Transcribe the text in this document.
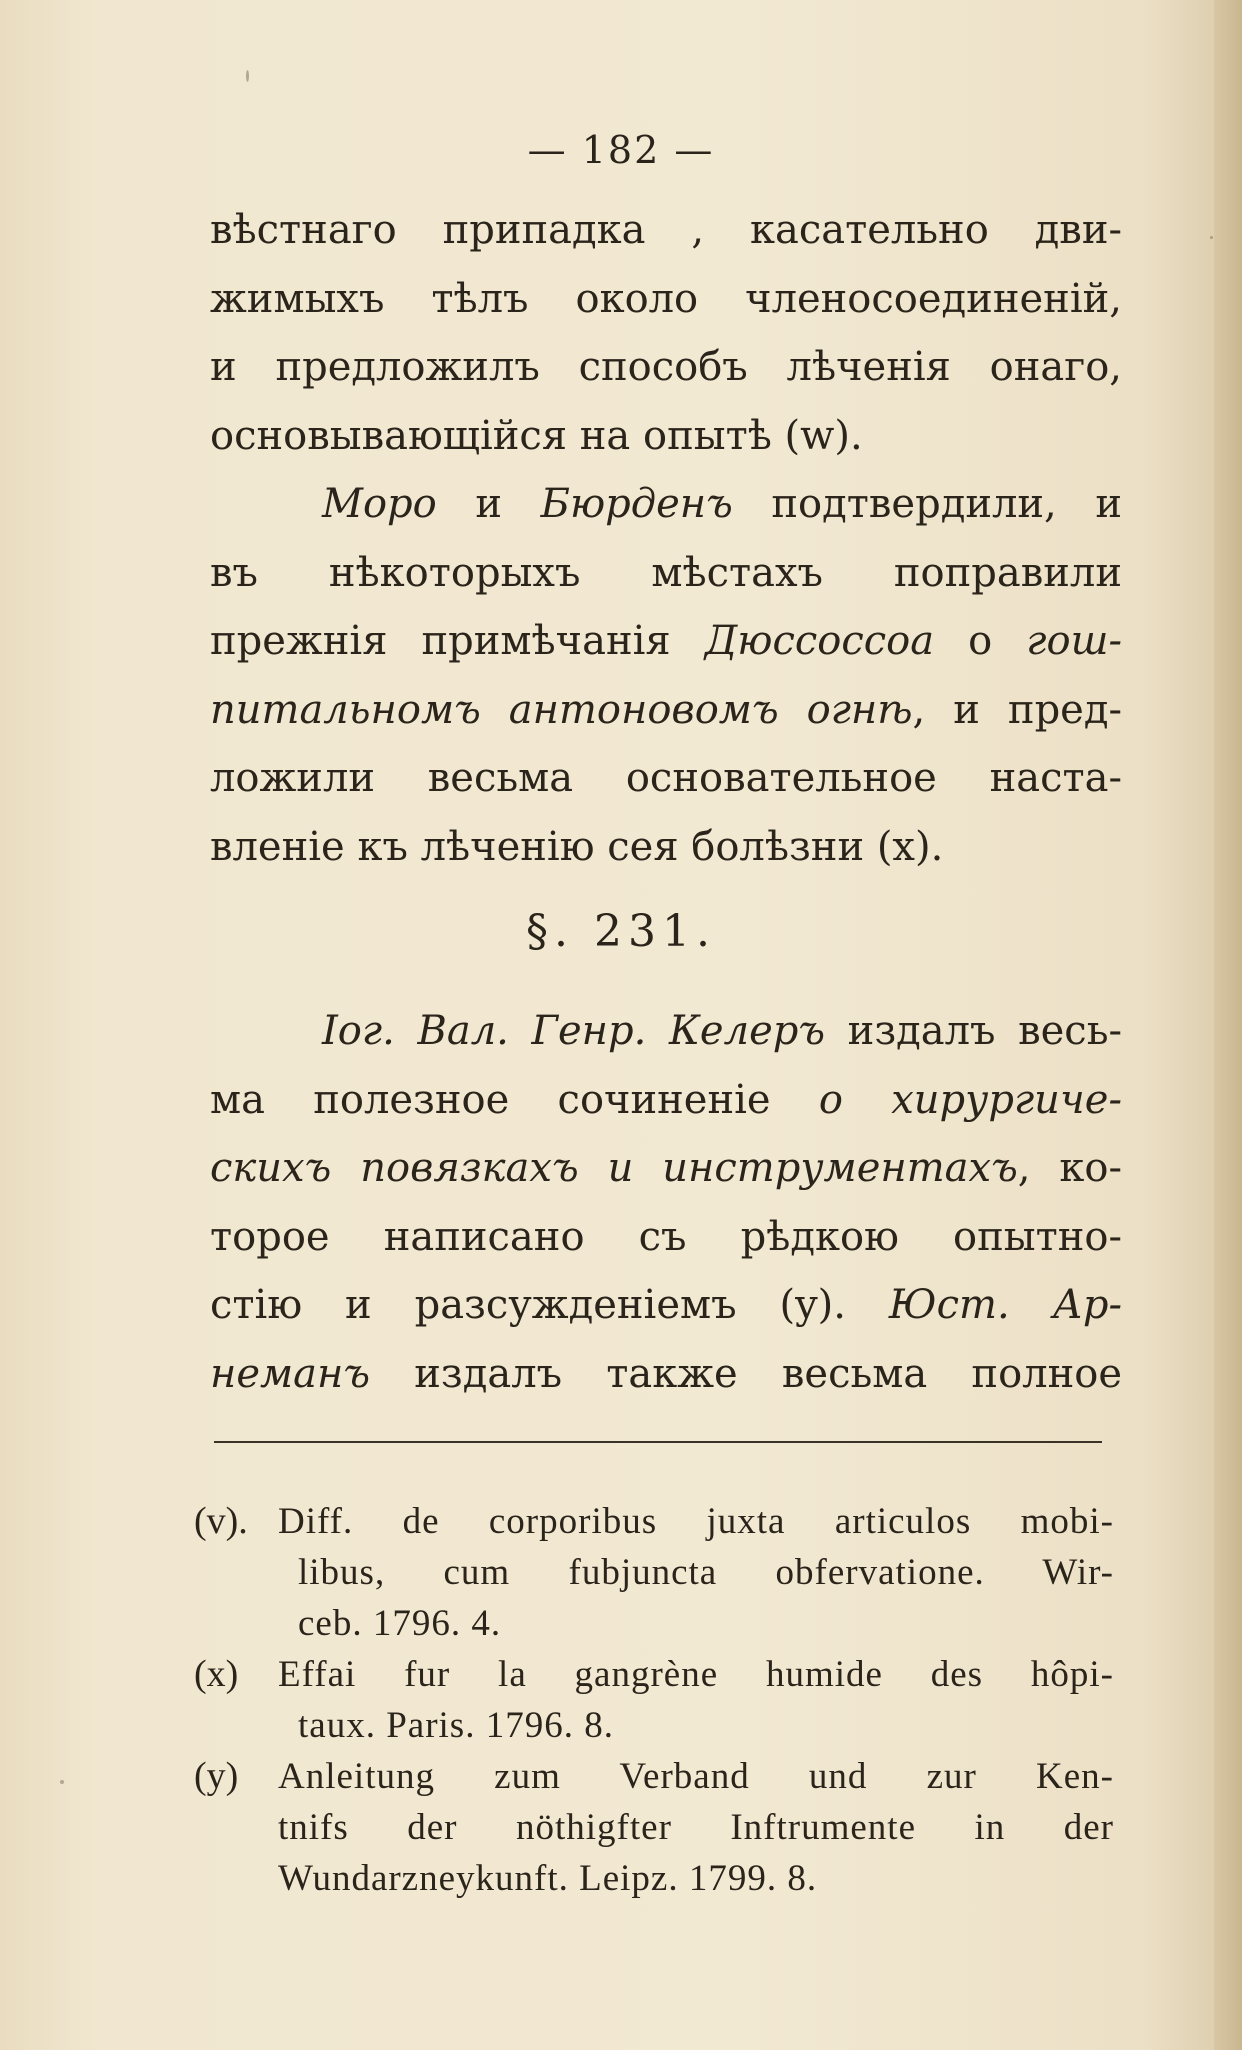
— 182 —
вѣстнаго припадка , касательно дви-
жимыхъ тѣлъ около членосоединенiй,
и предложилъ способъ лѣченiя онаго,
основывающiйся на опытѣ (w).
Моро и Бюрденъ подтвердили, и
въ нѣкоторыхъ мѣстахъ поправили
прежнiя примѣчанiя Дюссоссоа о гош-
питальномъ антоновомъ огнѣ, и пред-
ложили весьма основательное наста-
вленiе къ лѣченiю сея болѣзни (x).
§. 231.
Iог. Вал. Генр. Келеръ издалъ весь-
ма полезное сочиненiе о хирургиче-
скихъ повязкахъ и инструментахъ, ко-
торое написано съ рѣдкою опытно-
стiю и разсужденiемъ (y). Юст. Ар-
неманъ издалъ также весьма полное
(v). Diff. de corporibus juxta articulos mobi-
libus, cum fubjuncta obfervatione. Wir-
ceb. 1796. 4.
(x)	Effai fur la gangrène humide des hôpi-
taux. Paris. 1796. 8.
(y)	Anleitung zum Verband und zur Ken-
tnifs der nöthigfter Inftrumente in der
Wundarzneykunft. Leipz. 1799. 8.
